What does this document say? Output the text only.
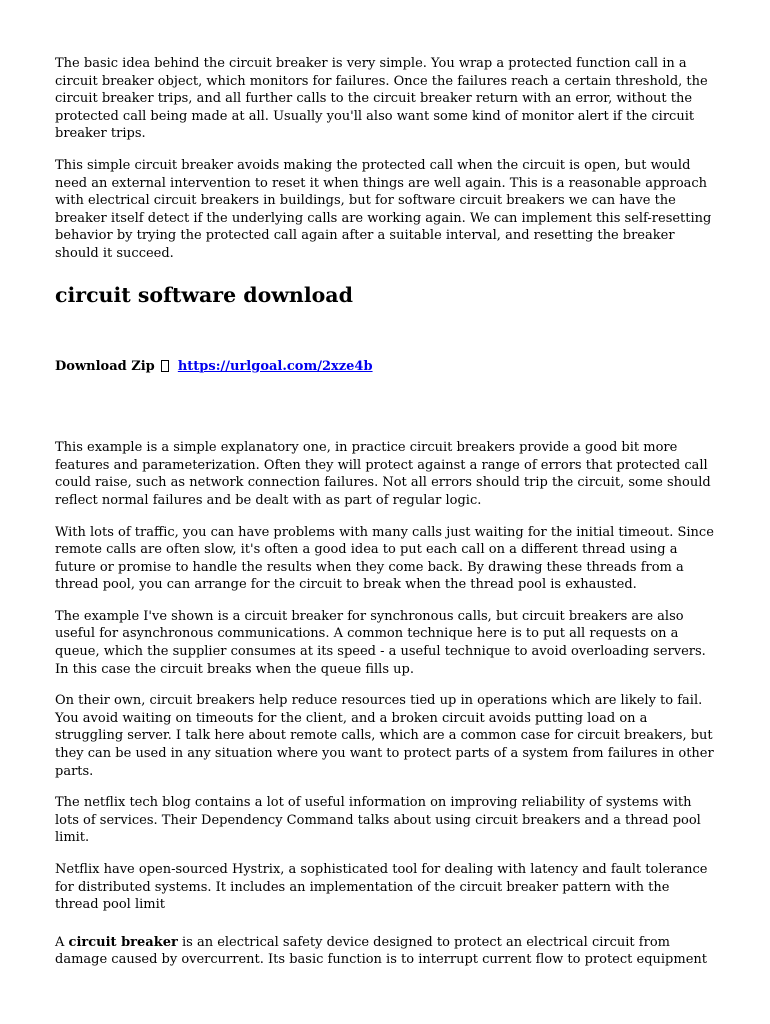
The basic idea behind the circuit breaker is very simple. You wrap a protected function call in a circuit breaker object, which monitors for failures. Once the failures reach a certain threshold, the circuit breaker trips, and all further calls to the circuit breaker return with an error, without the protected call being made at all. Usually you'll also want some kind of monitor alert if the circuit breaker trips.

This simple circuit breaker avoids making the protected call when the circuit is open, but would need an external intervention to reset it when things are well again. This is a reasonable approach with electrical circuit breakers in buildings, but for software circuit breakers we can have the breaker itself detect if the underlying calls are working again. We can implement this self-resetting behavior by trying the protected call again after a suitable interval, and resetting the breaker should it succeed.

circuit software download
Download Zip https://urlgoal.com/2xze4b

This example is a simple explanatory one, in practice circuit breakers provide a good bit more features and parameterization. Often they will protect against a range of errors that protected call could raise, such as network connection failures. Not all errors should trip the circuit, some should reflect normal failures and be dealt with as part of regular logic.

With lots of traffic, you can have problems with many calls just waiting for the initial timeout. Since remote calls are often slow, it's often a good idea to put each call on a different thread using a future or promise to handle the results when they come back. By drawing these threads from a thread pool, you can arrange for the circuit to break when the thread pool is exhausted.

The example I've shown is a circuit breaker for synchronous calls, but circuit breakers are also useful for asynchronous communications. A common technique here is to put all requests on a queue, which the supplier consumes at its speed - a useful technique to avoid overloading servers. In this case the circuit breaks when the queue fills up.

On their own, circuit breakers help reduce resources tied up in operations which are likely to fail. You avoid waiting on timeouts for the client, and a broken circuit avoids putting load on a struggling server. I talk here about remote calls, which are a common case for circuit breakers, but they can be used in any situation where you want to protect parts of a system from failures in other parts.

The netflix tech blog contains a lot of useful information on improving reliability of systems with lots of services. Their Dependency Command talks about using circuit breakers and a thread pool limit.

Netflix have open-sourced Hystrix, a sophisticated tool for dealing with latency and fault tolerance for distributed systems. It includes an implementation of the circuit breaker pattern with the thread pool limit

A circuit breaker is an electrical safety device designed to protect an electrical circuit from damage caused by overcurrent. Its basic function is to interrupt current flow to protect equipment
